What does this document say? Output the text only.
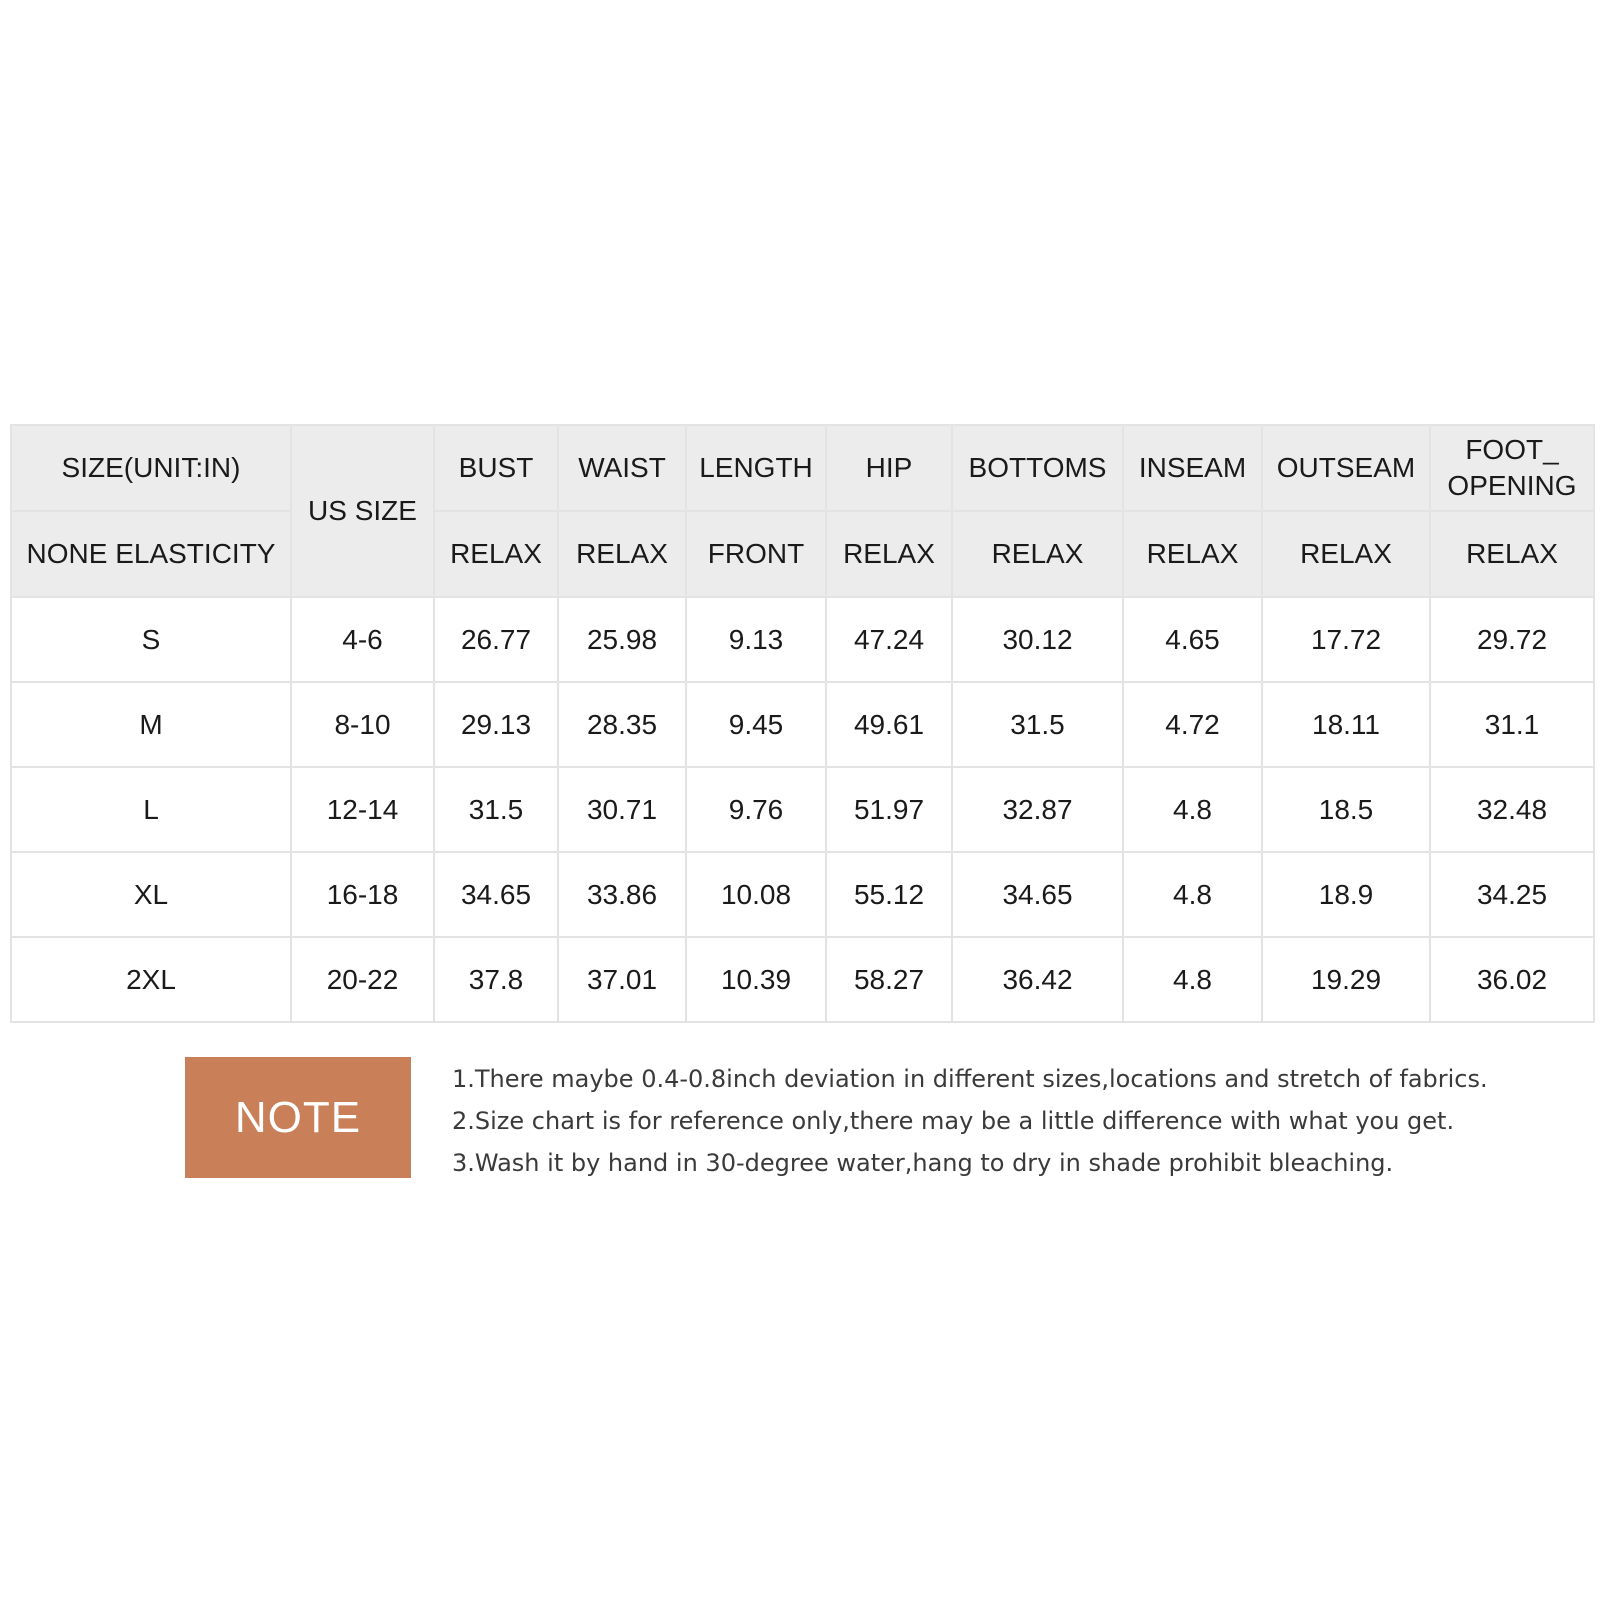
SIZE(UNIT:IN)	US SIZE	BUST	WAIST	LENGTH	HIP	BOTTOMS	INSEAM	OUTSEAM	FOOT_ OPENING
NONE ELASTICITY		RELAX	RELAX	FRONT	RELAX	RELAX	RELAX	RELAX	RELAX
S	4-6	26.77	25.98	9.13	47.24	30.12	4.65	17.72	29.72
M	8-10	29.13	28.35	9.45	49.61	31.5	4.72	18.11	31.1
L	12-14	31.5	30.71	9.76	51.97	32.87	4.8	18.5	32.48
XL	16-18	34.65	33.86	10.08	55.12	34.65	4.8	18.9	34.25
2XL	20-22	37.8	37.01	10.39	58.27	36.42	4.8	19.29	36.02
NOTE
1.There maybe 0.4-0.8inch deviation in different sizes,locations and stretch of fabrics.
2.Size chart is for reference only,there may be a little difference with what you get.
3.Wash it by hand in 30-degree water,hang to dry in shade prohibit bleaching.
